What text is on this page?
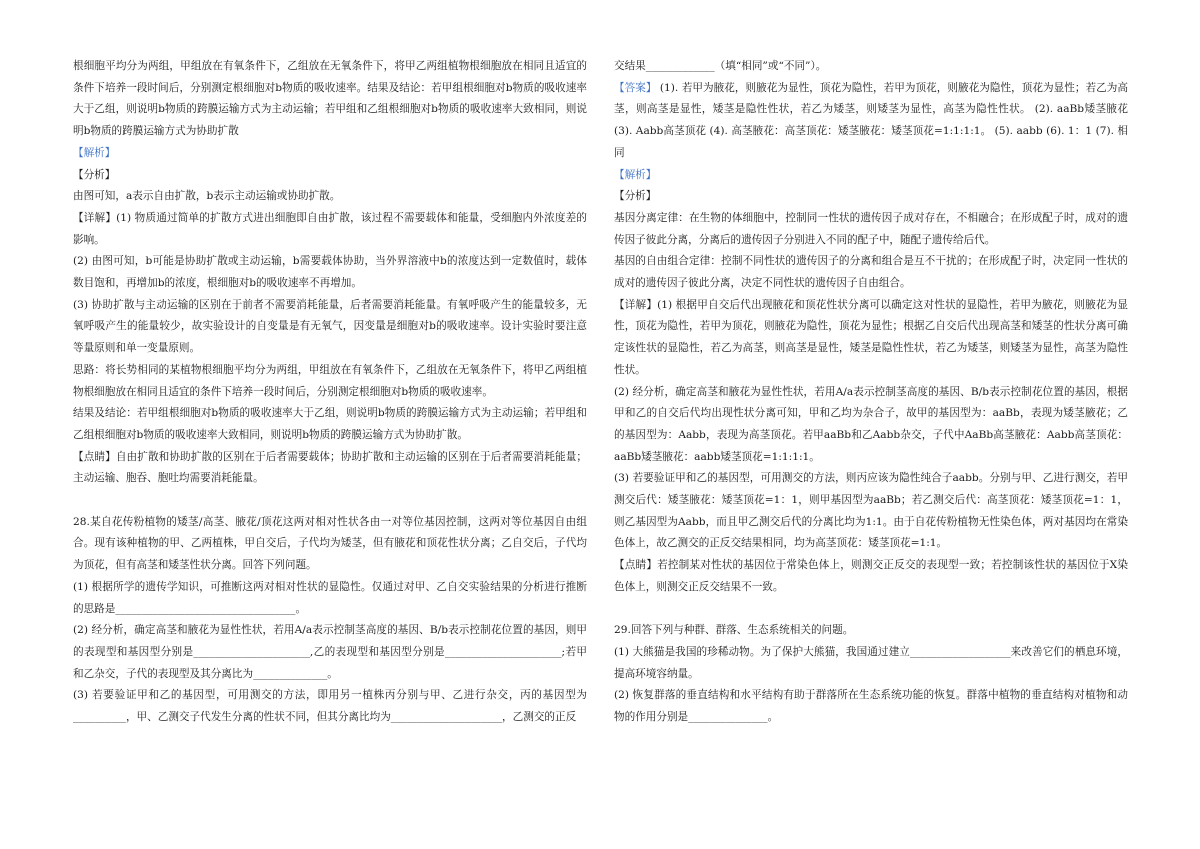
根细胞平均分为两组，甲组放在有氧条件下，乙组放在无氧条件下，将甲乙两组植物根细胞放在相同且适宜的条件下培养一段时间后，分别测定根细胞对b物质的吸收速率。结果及结论：若甲组根细胞对b物质的吸收速率大于乙组，则说明b物质的跨膜运输方式为主动运输；若甲组和乙组根细胞对b物质的吸收速率大致相同，则说明b物质的跨膜运输方式为协助扩散

【解析】

【分析】

由图可知，a表示自由扩散，b表示主动运输或协助扩散。

【详解】(1) 物质通过简单的扩散方式进出细胞即自由扩散，该过程不需要载体和能量，受细胞内外浓度差的影响。

(2) 由图可知，b可能是协助扩散或主动运输，b需要载体协助，当外界溶液中b的浓度达到一定数值时，载体数目饱和，再增加b的浓度，根细胞对b的吸收速率不再增加。

(3) 协助扩散与主动运输的区别在于前者不需要消耗能量，后者需要消耗能量。有氧呼吸产生的能量较多，无氧呼吸产生的能量较少，故实验设计的自变量是有无氧气，因变量是细胞对b的吸收速率。设计实验时要注意等量原则和单一变量原则。

思路：将长势相同的某植物根细胞平均分为两组，甲组放在有氧条件下，乙组放在无氧条件下，将甲乙两组植物根细胞放在相同且适宜的条件下培养一段时间后，分别测定根细胞对b物质的吸收速率。

结果及结论：若甲组根细胞对b物质的吸收速率大于乙组，则说明b物质的跨膜运输方式为主动运输；若甲组和乙组根细胞对b物质的吸收速率大致相同，则说明b物质的跨膜运输方式为协助扩散。

【点睛】自由扩散和协助扩散的区别在于后者需要载体；协助扩散和主动运输的区别在于后者需要消耗能量；主动运输、胞吞、胞吐均需要消耗能量。

28.某自花传粉植物的矮茎/高茎、腋花/顶花这两对相对性状各由一对等位基因控制，这两对等位基因自由组合。现有该种植物的甲、乙两植株，甲自交后，子代均为矮茎，但有腋花和顶花性状分离；乙自交后，子代均为顶花，但有高茎和矮茎性状分离。回答下列问题。

(1) 根据所学的遗传学知识，可推断这两对相对性状的显隐性。仅通过对甲、乙自交实验结果的分析进行推断的思路是__________________________________。

(2) 经分析，确定高茎和腋花为显性性状，若用A/a表示控制茎高度的基因、B/b表示控制花位置的基因，则甲的表现型和基因型分别是______________________,乙的表现型和基因型分别是______________________;若甲和乙杂交，子代的表现型及其分离比为______________。

(3) 若要验证甲和乙的基因型，可用测交的方法，即用另一植株丙分别与甲、乙进行杂交，丙的基因型为__________，甲、乙测交子代发生分离的性状不同，但其分离比均为_____________________，乙测交的正反

交结果_____________（填“相同”或“不同”）。

【答案】 (1). 若甲为腋花，则腋花为显性，顶花为隐性，若甲为顶花，则腋花为隐性，顶花为显性；若乙为高茎，则高茎是显性，矮茎是隐性性状，若乙为矮茎，则矮茎为显性，高茎为隐性性状。 (2). aaBb矮茎腋花 (3). Aabb高茎顶花 (4). 高茎腋花：高茎顶花：矮茎腋花：矮茎顶花=1:1:1:1。 (5). aabb (6). 1：1 (7). 相同

【解析】

【分析】

基因分离定律：在生物的体细胞中，控制同一性状的遗传因子成对存在，不相融合；在形成配子时，成对的遗传因子彼此分离，分离后的遗传因子分别进入不同的配子中，随配子遗传给后代。

基因的自由组合定律：控制不同性状的遗传因子的分离和组合是互不干扰的；在形成配子时，决定同一性状的成对的遗传因子彼此分离，决定不同性状的遗传因子自由组合。

【详解】(1) 根据甲自交后代出现腋花和顶花性状分离可以确定这对性状的显隐性，若甲为腋花，则腋花为显性，顶花为隐性，若甲为顶花，则腋花为隐性，顶花为显性；根据乙自交后代出现高茎和矮茎的性状分离可确定该性状的显隐性，若乙为高茎，则高茎是显性，矮茎是隐性性状，若乙为矮茎，则矮茎为显性，高茎为隐性性状。

(2) 经分析，确定高茎和腋花为显性性状，若用A/a表示控制茎高度的基因、B/b表示控制花位置的基因，根据甲和乙的自交后代均出现性状分离可知，甲和乙均为杂合子，故甲的基因型为：aaBb，表现为矮茎腋花；乙的基因型为：Aabb，表现为高茎顶花。若甲aaBb和乙Aabb杂交，子代中AaBb高茎腋花：Aabb高茎顶花：aaBb矮茎腋花：aabb矮茎顶花=1:1:1:1。

(3) 若要验证甲和乙的基因型，可用测交的方法，则丙应该为隐性纯合子aabb。分别与甲、乙进行测交，若甲测交后代：矮茎腋花：矮茎顶花=1：1，则甲基因型为aaBb；若乙测交后代：高茎顶花：矮茎顶花=1：1，则乙基因型为Aabb，而且甲乙测交后代的分离比均为1:1。由于自花传粉植物无性染色体，两对基因均在常染色体上，故乙测交的正反交结果相同，均为高茎顶花：矮茎顶花=1:1。

【点睛】若控制某对性状的基因位于常染色体上，则测交正反交的表现型一致；若控制该性状的基因位于X染色体上，则测交正反交结果不一致。

29.回答下列与种群、群落、生态系统相关的问题。

(1) 大熊猫是我国的珍稀动物。为了保护大熊猫，我国通过建立___________________来改善它们的栖息环境，提高环境容纳量。

(2) 恢复群落的垂直结构和水平结构有助于群落所在生态系统功能的恢复。群落中植物的垂直结构对植物和动物的作用分别是_______________。
